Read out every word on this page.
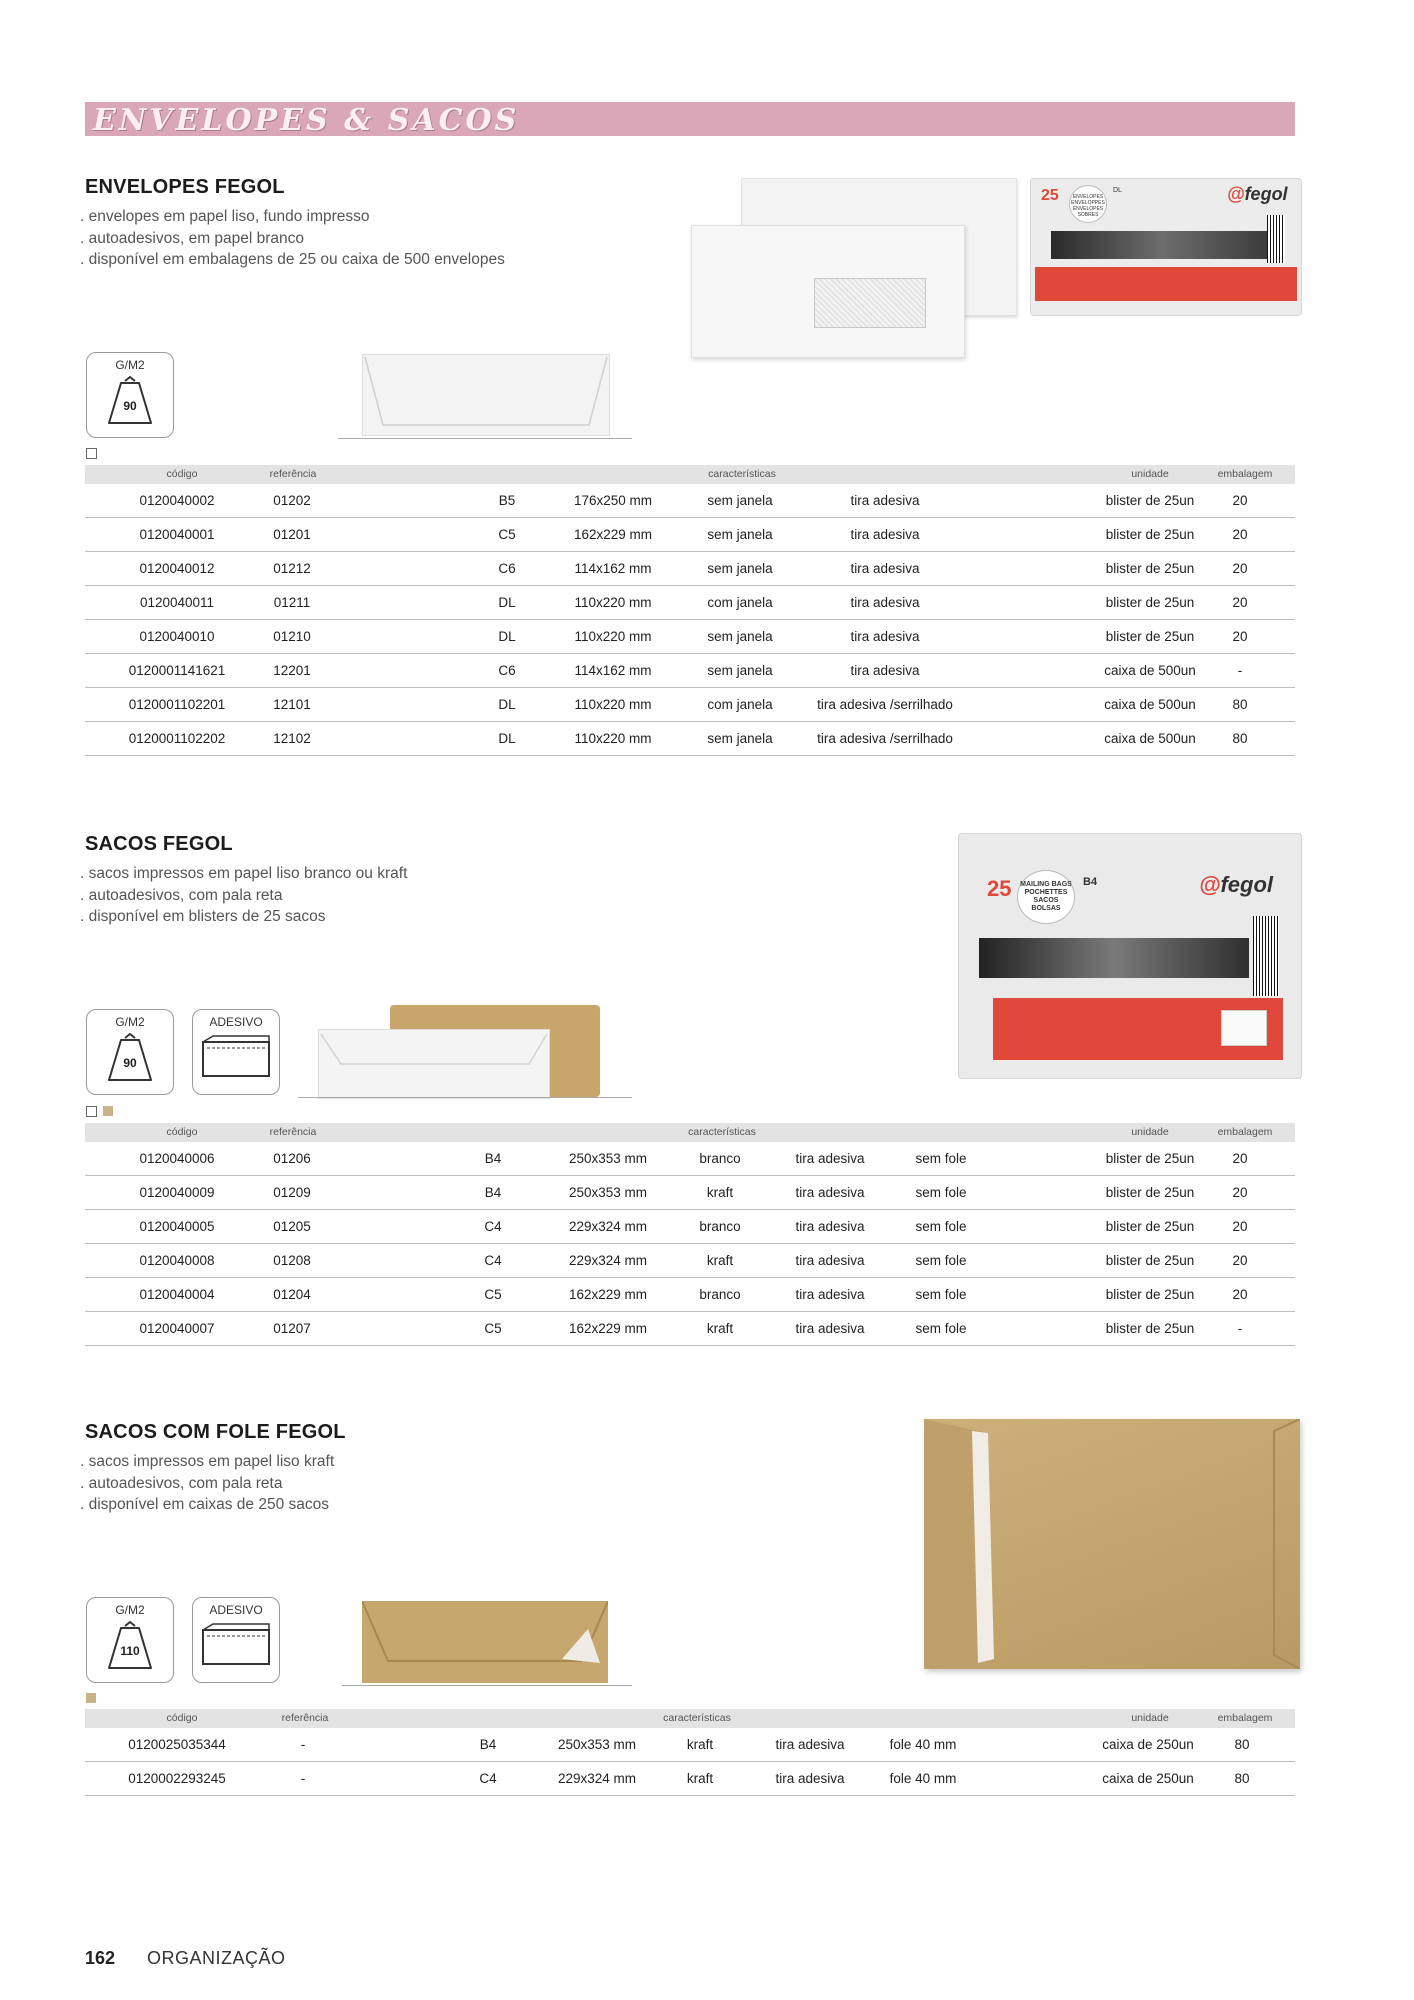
ENVELOPES & SACOS
ENVELOPES FEGOL
. envelopes em papel liso, fundo impresso
. autoadesivos, em papel branco
. disponível em embalagens de 25 ou caixa de 500 envelopes
25	ENVELOPES
ENVELOPPES
ENVELOPES
SOBRES
DL	@fegol
G/M2
90
código	referência	características	unidade	embalagem
0120040002	01202	B5	176x250 mm	sem janela	tira adesiva	blister de 25un	20
0120040001	01201	C5	162x229 mm	sem janela	tira adesiva	blister de 25un	20
0120040012	01212	C6	114x162 mm	sem janela	tira adesiva	blister de 25un	20
0120040011	01211	DL	110x220 mm	com janela	tira adesiva	blister de 25un	20
0120040010	01210	DL	110x220 mm	sem janela	tira adesiva	blister de 25un	20
0120001141621	12201	C6	114x162 mm	sem janela	tira adesiva	caixa de 500un	-
0120001102201	12101	DL	110x220 mm	com janela	tira adesiva /serrilhado	caixa de 500un	80
0120001102202	12102	DL	110x220 mm	sem janela	tira adesiva /serrilhado	caixa de 500un	80
SACOS FEGOL
. sacos impressos em papel liso branco ou kraft
. autoadesivos, com pala reta
. disponível em blisters de 25 sacos
25	MAILING BAGS
POCHETTES
SACOS
BOLSAS
B4	@fegol
G/M2
90
ADESIVO
código	referência	características	unidade	embalagem
0120040006	01206	B4	250x353 mm	branco	tira adesiva	sem fole	blister de 25un	20
0120040009	01209	B4	250x353 mm	kraft	tira adesiva	sem fole	blister de 25un	20
0120040005	01205	C4	229x324 mm	branco	tira adesiva	sem fole	blister de 25un	20
0120040008	01208	C4	229x324 mm	kraft	tira adesiva	sem fole	blister de 25un	20
0120040004	01204	C5	162x229 mm	branco	tira adesiva	sem fole	blister de 25un	20
0120040007	01207	C5	162x229 mm	kraft	tira adesiva	sem fole	blister de 25un	-
SACOS COM FOLE FEGOL
. sacos impressos em papel liso kraft
. autoadesivos, com pala reta
. disponível em caixas de 250 sacos
G/M2
110
ADESIVO
código	referência	características	unidade	embalagem
0120025035344	-	B4	250x353 mm	kraft	tira adesiva	fole 40 mm	caixa de 250un	80
0120002293245	-	C4	229x324 mm	kraft	tira adesiva	fole 40 mm	caixa de 250un	80
162 ORGANIZAÇÃO
